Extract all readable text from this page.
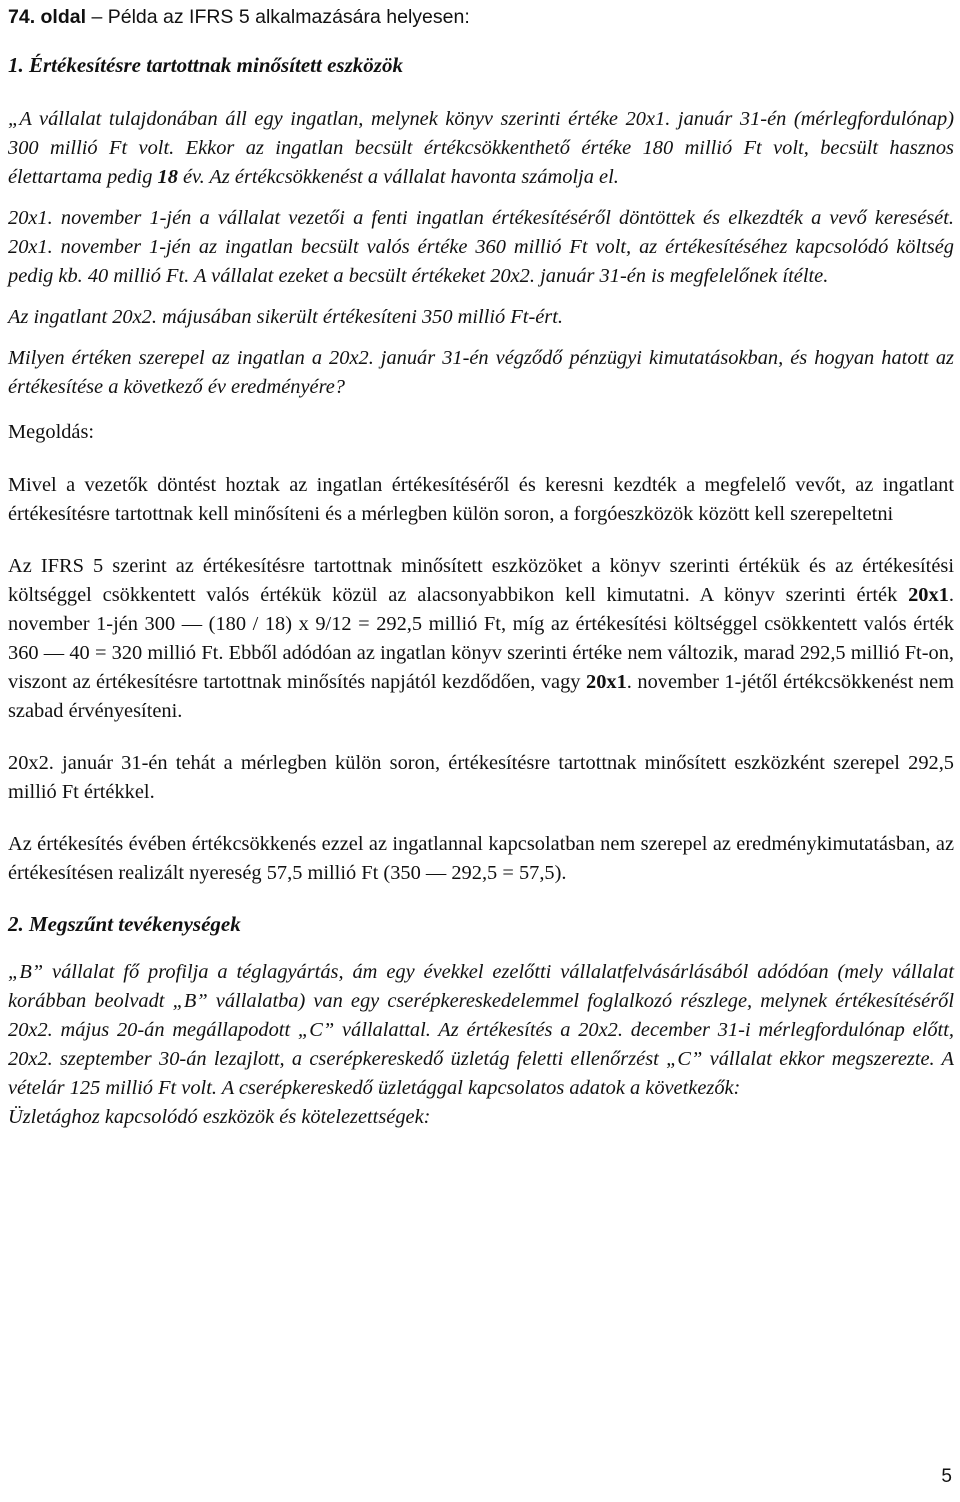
74. oldal – Példa az IFRS 5 alkalmazására helyesen:
1. Értékesítésre tartottnak minősített eszközök

„A vállalat tulajdonában áll egy ingatlan, melynek könyv szerinti értéke 20x1. január 31-én (mérlegfordulónap) 300 millió Ft volt. Ekkor az ingatlan becsült értékcsökkenthető értéke 180 millió Ft volt, becsült hasznos élettartama pedig 18 év. Az értékcsökkenést a vállalat havonta számolja el.

20x1. november 1-jén a vállalat vezetői a fenti ingatlan értékesítéséről döntöttek és elkezdték a vevő keresését. 20x1. november 1-jén az ingatlan becsült valós értéke 360 millió Ft volt, az értékesítéséhez kapcsolódó költség pedig kb. 40 millió Ft. A vállalat ezeket a becsült értékeket 20x2. január 31-én is megfelelőnek ítélte.

Az ingatlant 20x2. májusában sikerült értékesíteni 350 millió Ft-ért.

Milyen értéken szerepel az ingatlan a 20x2. január 31-én végződő pénzügyi kimutatásokban, és hogyan hatott az értékesítése a következő év eredményére?

Megoldás:

Mivel a vezetők döntést hoztak az ingatlan értékesítéséről és keresni kezdték a megfelelő vevőt, az ingatlant értékesítésre tartottnak kell minősíteni és a mérlegben külön soron, a forgóeszközök között kell szerepeltetni

Az IFRS 5 szerint az értékesítésre tartottnak minősített eszközöket a könyv szerinti értékük és az értékesítési költséggel csökkentett valós értékük közül az alacsonyabbikon kell kimutatni. A könyv szerinti érték 20x1. november 1-jén 300 — (180 / 18) x 9/12 = 292,5 millió Ft, míg az értékesítési költséggel csökkentett valós érték 360 — 40 = 320 millió Ft. Ebből adódóan az ingatlan könyv szerinti értéke nem változik, marad 292,5 millió Ft-on, viszont az értékesítésre tartottnak minősítés napjától kezdődően, vagy 20x1. november 1-jétől értékcsökkenést nem szabad érvényesíteni.

20x2. január 31-én tehát a mérlegben külön soron, értékesítésre tartottnak minősített eszközként szerepel 292,5 millió Ft értékkel.

Az értékesítés évében értékcsökkenés ezzel az ingatlannal kapcsolatban nem szerepel az eredménykimutatásban, az értékesítésen realizált nyereség 57,5 millió Ft (350 — 292,5 = 57,5).

2. Megszűnt tevékenységek

„B” vállalat fő profilja a téglagyártás, ám egy évekkel ezelőtti vállalatfelvásárlásából adódóan (mely vállalat korábban beolvadt „B” vállalatba) van egy cserépkereskedelemmel foglalkozó részlege, melynek értékesítéséről 20x2. május 20-án megállapodott „C” vállalattal. Az értékesítés a 20x2. december 31-i mérlegfordulónap előtt, 20x2. szeptember 30-án lezajlott, a cserépkereskedő üzletág feletti ellenőrzést „C” vállalat ekkor megszerezte. A vételár 125 millió Ft volt. A cserépkereskedő üzletággal kapcsolatos adatok a következők:

Üzletághoz kapcsolódó eszközök és kötelezettségek:

5
